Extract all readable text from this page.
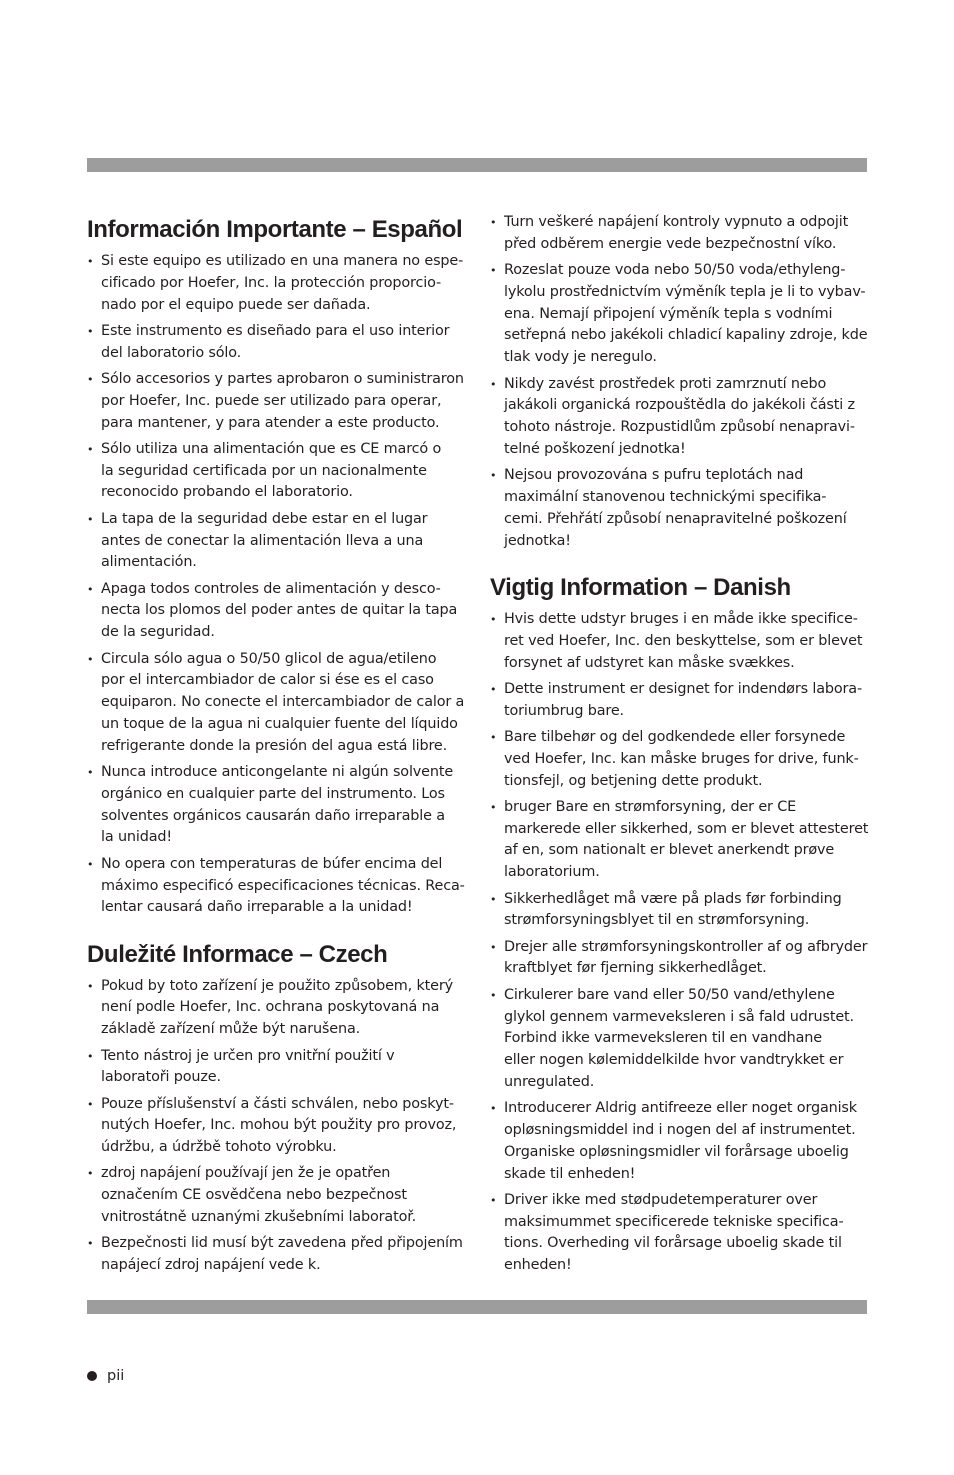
Información Importante – Español
• Si este equipo es utilizado en una manera no espe-
cificado por Hoefer, Inc. la protección proporcio-
nado por el equipo puede ser dañada.
• Este instrumento es diseñado para el uso interior
del laboratorio sólo.
• Sólo accesorios y partes aprobaron o suministraron
por Hoefer, Inc. puede ser utilizado para operar,
para mantener, y para atender a este producto.
• Sólo utiliza una alimentación que es CE marcó o
la seguridad certificada por un nacionalmente
reconocido probando el laboratorio.
• La tapa de la seguridad debe estar en el lugar
antes de conectar la alimentación lleva a una
alimentación.
• Apaga todos controles de alimentación y desco-
necta los plomos del poder antes de quitar la tapa
de la seguridad.
• Circula sólo agua o 50/50 glicol de agua/etileno
por el intercambiador de calor si ése es el caso
equiparon. No conecte el intercambiador de calor a
un toque de la agua ni cualquier fuente del líquido
refrigerante donde la presión del agua está libre.
• Nunca introduce anticongelante ni algún solvente
orgánico en cualquier parte del instrumento. Los
solventes orgánicos causarán daño irreparable a
la unidad!
• No opera con temperaturas de búfer encima del
máximo especificó especificaciones técnicas. Reca-
lentar causará daño irreparable a la unidad!
Duležité Informace – Czech
• Pokud by toto zařízení je použito způsobem, který
není podle Hoefer, Inc. ochrana poskytovaná na
základě zařízení může být narušena.
• Tento nástroj je určen pro vnitřní použití v
laboratoři pouze.
• Pouze příslušenství a části schválen, nebo poskyt-
nutých Hoefer, Inc. mohou být použity pro provoz,
údržbu, a údržbě tohoto výrobku.
• zdroj napájení používají jen že je opatřen
označením CE osvědčena nebo bezpečnost
vnitrostátně uznanými zkušebními laboratoř.
• Bezpečnosti lid musí být zavedena před připojením
napájecí zdroj napájení vede k.
• Turn veškeré napájení kontroly vypnuto a odpojit
před odběrem energie vede bezpečnostní víko.
• Rozeslat pouze voda nebo 50/50 voda/ethyleng-
lykolu prostřednictvím výměník tepla je li to vybav-
ena. Nemají připojení výměník tepla s vodními
setřepná nebo jakékoli chladicí kapaliny zdroje, kde
tlak vody je neregulo.
• Nikdy zavést prostředek proti zamrznutí nebo
jakákoli organická rozpouštědla do jakékoli části z
tohoto nástroje. Rozpustidlům způsobí nenapravi-
telné poškození jednotka!
• Nejsou provozována s pufru teplotách nad
maximální stanovenou technickými specifika-
cemi. Přehřátí způsobí nenapravitelné poškození
jednotka!
Vigtig Information – Danish
• Hvis dette udstyr bruges i en måde ikke specifice-
ret ved Hoefer, Inc. den beskyttelse, som er blevet
forsynet af udstyret kan måske svækkes.
• Dette instrument er designet for indendørs labora-
toriumbrug bare.
• Bare tilbehør og del godkendede eller forsynede
ved Hoefer, Inc. kan måske bruges for drive, funk-
tionsfejl, og betjening dette produkt.
• bruger Bare en strømforsyning, der er CE
markerede eller sikkerhed, som er blevet attesteret
af en, som nationalt er blevet anerkendt prøve
laboratorium.
• Sikkerhedlåget må være på plads før forbinding
strømforsyningsblyet til en strømforsyning.
• Drejer alle strømforsyningskontroller af og afbryder
kraftblyet før fjerning sikkerhedlåget.
• Cirkulerer bare vand eller 50/50 vand/ethylene
glykol gennem varmeveksleren i så fald udrustet.
Forbind ikke varmeveksleren til en vandhane
eller nogen kølemiddelkilde hvor vandtrykket er
unregulated.
• Introducerer Aldrig antifreeze eller noget organisk
opløsningsmiddel ind i nogen del af instrumentet.
Organiske opløsningsmidler vil forårsage uboelig
skade til enheden!
• Driver ikke med stødpudetemperaturer over
maksimummet specificerede tekniske specifica-
tions. Overheding vil forårsage uboelig skade til
enheden!
pii
